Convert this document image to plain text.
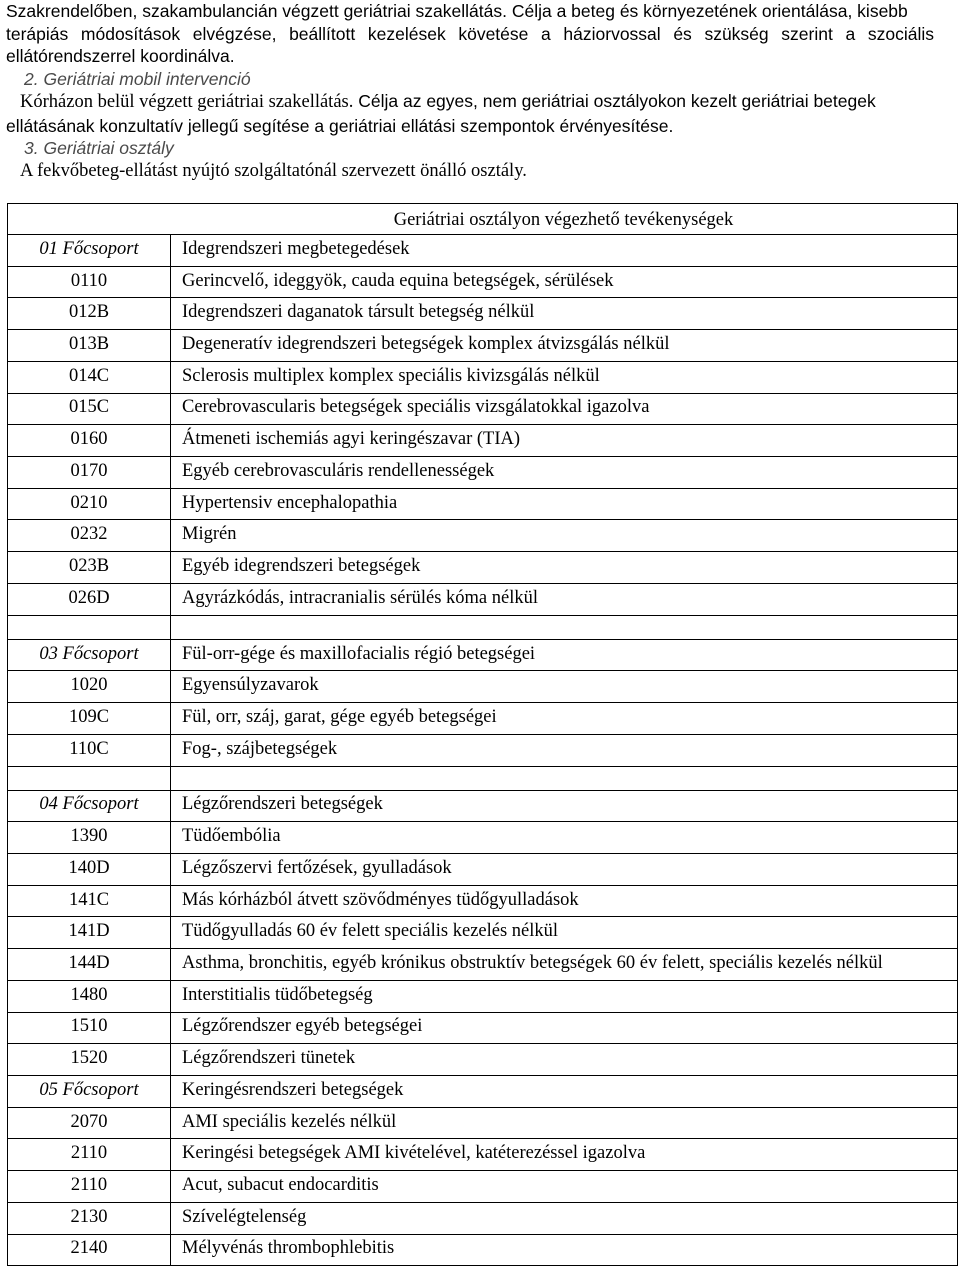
Szakrendelőben, szakambulancián végzett geriátriai szakellátás. Célja a beteg és környezetének orientálása, kisebb
terápiás módosítások elvégzése, beállított kezelések követése a háziorvossal és szükség szerint a szociális
ellátórendszerrel koordinálva.
2. Geriátriai mobil intervenció
Kórházon belül végzett geriátriai szakellátás. Célja az egyes, nem geriátriai osztályokon kezelt geriátriai betegek
ellátásának konzultatív jellegű segítése a geriátriai ellátási szempontok érvényesítése.
3. Geriátriai osztály
A fekvőbeteg-ellátást nyújtó szolgáltatónál szervezett önálló osztály.
Geriátriai osztályon végezhető tevékenységek
01 Főcsoport	Idegrendszeri megbetegedések
0110	Gerincvelő, ideggyök, cauda equina betegségek, sérülések
012B	Idegrendszeri daganatok társult betegség nélkül
013B	Degeneratív idegrendszeri betegségek komplex átvizsgálás nélkül
014C	Sclerosis multiplex komplex speciális kivizsgálás nélkül
015C	Cerebrovascularis betegségek speciális vizsgálatokkal igazolva
0160	Átmeneti ischemiás agyi keringészavar (TIA)
0170	Egyéb cerebrovasculáris rendellenességek
0210	Hypertensiv encephalopathia
0232	Migrén
023B	Egyéb idegrendszeri betegségek
026D	Agyrázkódás, intracranialis sérülés kóma nélkül
03 Főcsoport	Fül-orr-gége és maxillofacialis régió betegségei
1020	Egyensúlyzavarok
109C	Fül, orr, száj, garat, gége egyéb betegségei
110C	Fog-, szájbetegségek
04 Főcsoport	Légzőrendszeri betegségek
1390	Tüdőembólia
140D	Légzőszervi fertőzések, gyulladások
141C	Más kórházból átvett szövődményes tüdőgyulladások
141D	Tüdőgyulladás 60 év felett speciális kezelés nélkül
144D	Asthma, bronchitis, egyéb krónikus obstruktív betegségek 60 év felett, speciális kezelés nélkül
1480	Interstitialis tüdőbetegség
1510	Légzőrendszer egyéb betegségei
1520	Légzőrendszeri tünetek
05 Főcsoport	Keringésrendszeri betegségek
2070	AMI speciális kezelés nélkül
2110	Keringési betegségek AMI kivételével, katéterezéssel igazolva
2110	Acut, subacut endocarditis
2130	Szívelégtelenség
2140	Mélyvénás thrombophlebitis
